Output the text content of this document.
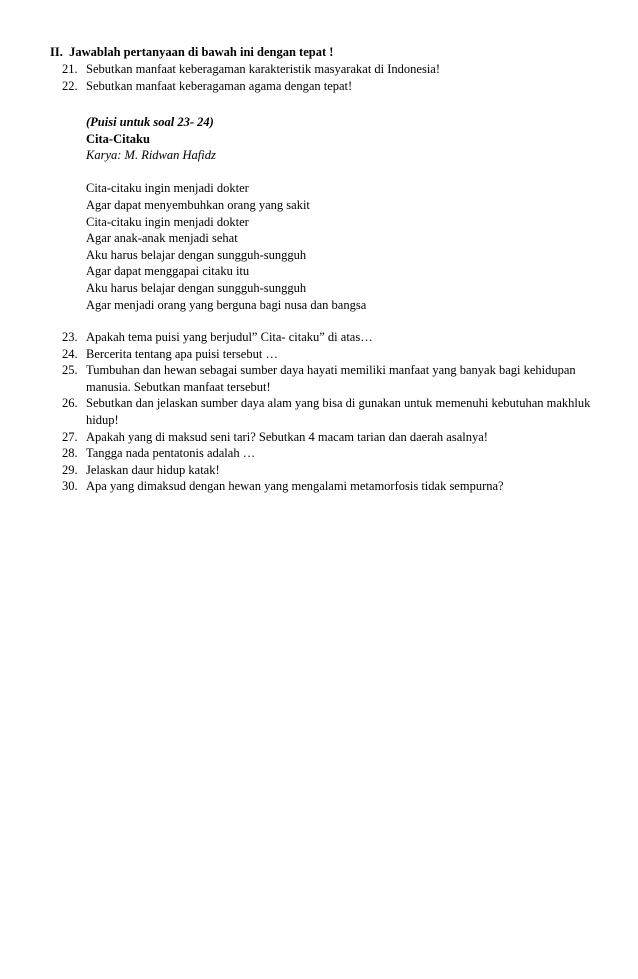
II. Jawablah pertanyaan di bawah ini dengan tepat !
21. Sebutkan manfaat keberagaman karakteristik masyarakat di Indonesia!
22. Sebutkan manfaat keberagaman agama dengan tepat!
(Puisi untuk soal 23- 24)
Cita-Citaku
Karya: M. Ridwan Hafidz
Cita-citaku ingin menjadi dokter
Agar dapat menyembuhkan orang yang sakit
Cita-citaku ingin menjadi dokter
Agar anak-anak menjadi sehat
Aku harus belajar dengan sungguh-sungguh
Agar dapat menggapai citaku itu
Aku harus belajar dengan sungguh-sungguh
Agar menjadi orang yang berguna bagi nusa dan bangsa
23. Apakah tema puisi yang berjudul” Cita- citaku” di atas…
24. Bercerita tentang apa puisi tersebut …
25. Tumbuhan dan hewan sebagai sumber daya hayati memiliki manfaat yang banyak bagi kehidupan manusia. Sebutkan manfaat tersebut!
26. Sebutkan dan jelaskan sumber daya alam yang bisa di gunakan untuk memenuhi kebutuhan makhluk hidup!
27. Apakah yang di maksud seni tari? Sebutkan 4 macam tarian dan daerah asalnya!
28. Tangga nada pentatonis adalah …
29. Jelaskan daur hidup katak!
30. Apa yang dimaksud dengan hewan yang mengalami metamorfosis tidak sempurna?
